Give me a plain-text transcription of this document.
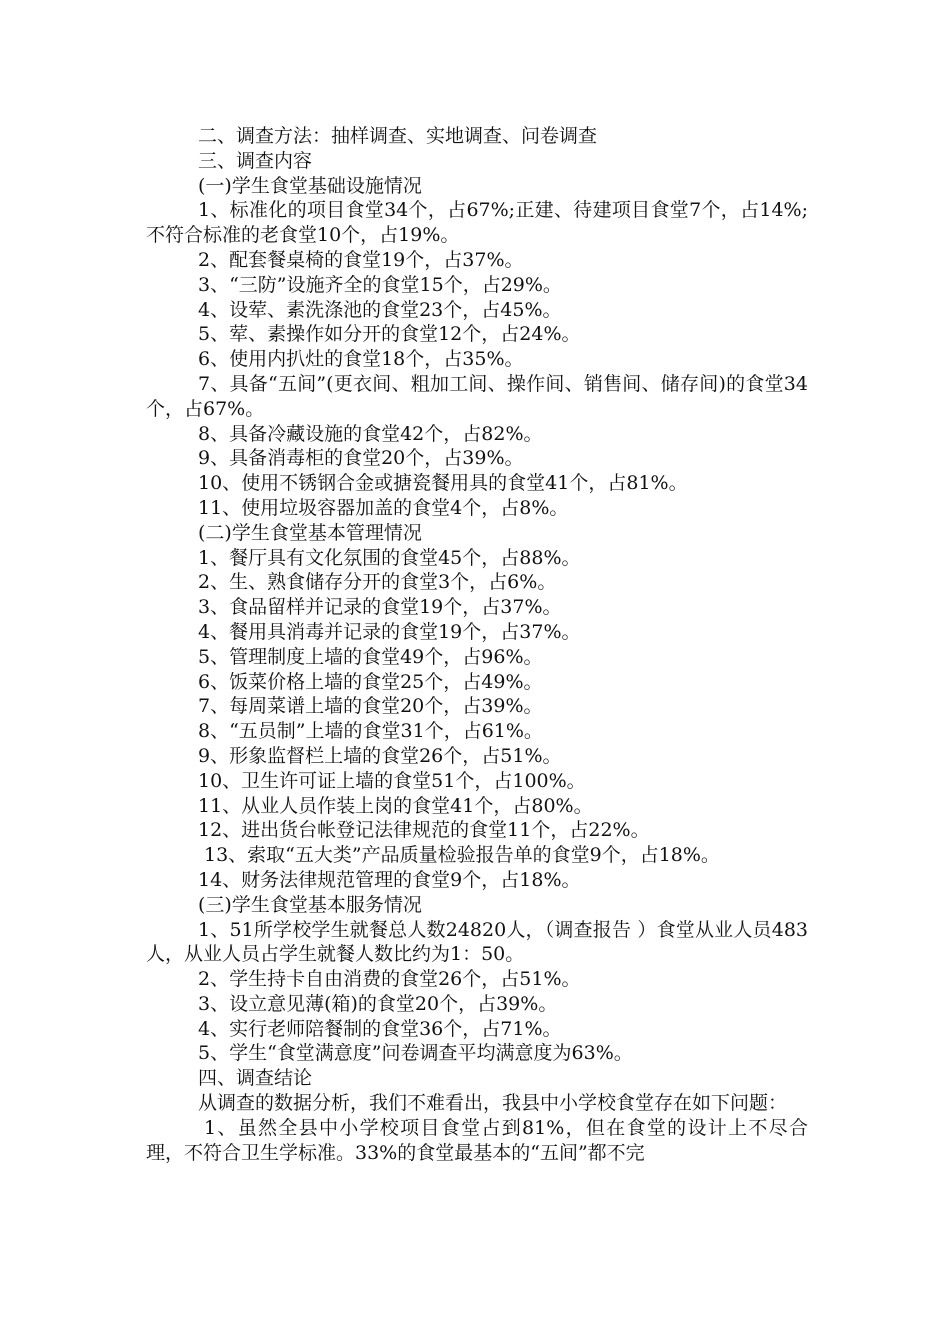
二、调查方法：抽样调查、实地调查、问卷调查

三、调查内容

(一)学生食堂基础设施情况

1、标准化的项目食堂34个，占67%;正建、待建项目食堂7个，占14%;不符合标准的老食堂10个，占19%。

2、配套餐桌椅的食堂19个，占37%。

3、“三防”设施齐全的食堂15个，占29%。

4、设荤、素洗涤池的食堂23个，占45%。

5、荤、素操作如分开的食堂12个，占24%。

6、使用内扒灶的食堂18个，占35%。

7、具备“五间”(更衣间、粗加工间、操作间、销售间、储存间)的食堂34个，占67%。

8、具备冷藏设施的食堂42个，占82%。

9、具备消毒柜的食堂20个，占39%。

10、使用不锈钢合金或搪瓷餐用具的食堂41个，占81%。

11、使用垃圾容器加盖的食堂4个，占8%。

(二)学生食堂基本管理情况

1、餐厅具有文化氛围的食堂45个，占88%。

2、生、熟食储存分开的食堂3个，占6%。

3、食品留样并记录的食堂19个，占37%。

4、餐用具消毒并记录的食堂19个，占37%。

5、管理制度上墙的食堂49个，占96%。

6、饭菜价格上墙的食堂25个，占49%。

7、每周菜谱上墙的食堂20个，占39%。

8、“五员制”上墙的食堂31个，占61%。

9、形象监督栏上墙的食堂26个，占51%。

10、卫生许可证上墙的食堂51个，占100%。

11、从业人员作装上岗的食堂41个，占80%。

12、进出货台帐登记法律规范的食堂11个，占22%。

13、索取“五大类”产品质量检验报告单的食堂9个，占18%。

14、财务法律规范管理的食堂9个，占18%。

(三)学生食堂基本服务情况

1、51所学校学生就餐总人数24820人，（调查报告 ）食堂从业人员483人，从业人员占学生就餐人数比约为1：50。

2、学生持卡自由消费的食堂26个，占51%。

3、设立意见薄(箱)的食堂20个，占39%。

4、实行老师陪餐制的食堂36个，占71%。

5、学生“食堂满意度”问卷调查平均满意度为63%。

四、调查结论

从调查的数据分析，我们不难看出，我县中小学校食堂存在如下问题：

1、虽然全县中小学校项目食堂占到81%，但在食堂的设计上不尽合理，不符合卫生学标准。33%的食堂最基本的“五间”都不完
